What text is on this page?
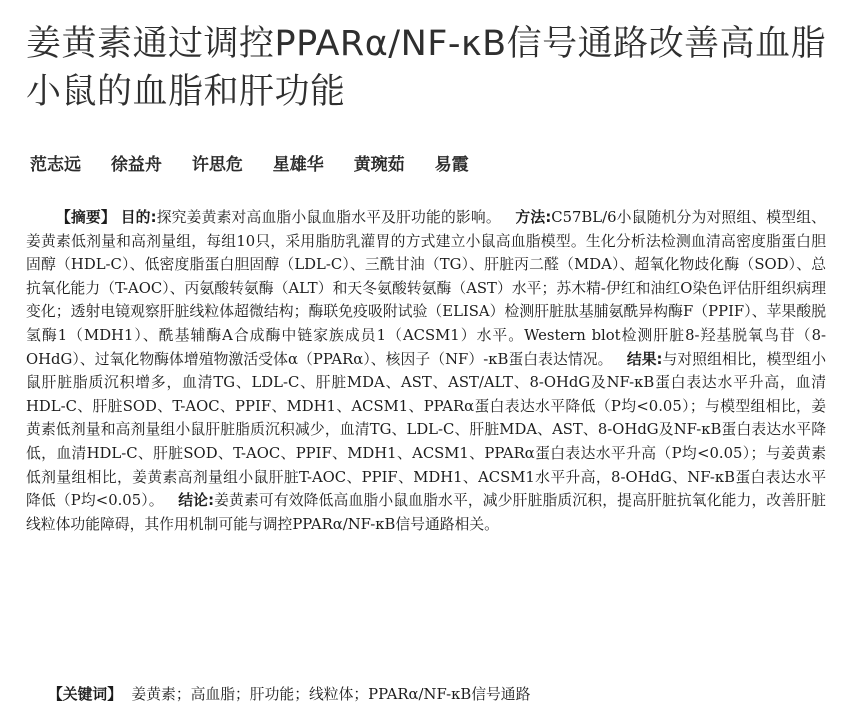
姜黄素通过调控PPARα/NF-κB信号通路改善高血脂小鼠的血脂和肝功能
范志远 徐益舟 许思危 星雄华 黄琬茹 易霞

【摘要】 目的:探究姜黄素对高血脂小鼠血脂水平及肝功能的影响。 方法:C57BL/6小鼠随机分为对照组、模型组、姜黄素低剂量和高剂量组，每组10只，采用脂肪乳灌胃的方式建立小鼠高血脂模型。生化分析法检测血清高密度脂蛋白胆固醇（HDL-C）、低密度脂蛋白胆固醇（LDL-C）、三酰甘油（TG）、肝脏丙二醛（MDA）、超氧化物歧化酶（SOD）、总抗氧化能力（T-AOC）、丙氨酸转氨酶（ALT）和天冬氨酸转氨酶（AST）水平；苏木精-伊红和油红O染色评估肝组织病理变化；透射电镜观察肝脏线粒体超微结构；酶联免疫吸附试验（ELISA）检测肝脏肽基脯氨酰异构酶F（PPIF）、苹果酸脱氢酶1（MDH1）、酰基辅酶A合成酶中链家族成员1（ACSM1）水平。Western blot检测肝脏8-羟基脱氧鸟苷（8-OHdG）、过氧化物酶体增殖物激活受体α（PPARα）、核因子（NF）-κB蛋白表达情况。 结果:与对照组相比，模型组小鼠肝脏脂质沉积增多，血清TG、LDL-C、肝脏MDA、AST、AST/ALT、8-OHdG及NF-κB蛋白表达水平升高，血清HDL-C、肝脏SOD、T-AOC、PPIF、MDH1、ACSM1、PPARα蛋白表达水平降低（P均<0.05）；与模型组相比，姜黄素低剂量和高剂量组小鼠肝脏脂质沉积减少，血清TG、LDL-C、肝脏MDA、AST、8-OHdG及NF-κB蛋白表达水平降低，血清HDL-C、肝脏SOD、T-AOC、PPIF、MDH1、ACSM1、PPARα蛋白表达水平升高（P均<0.05）；与姜黄素低剂量组相比，姜黄素高剂量组小鼠肝脏T-AOC、PPIF、MDH1、ACSM1水平升高，8-OHdG、NF-κB蛋白表达水平降低（P均<0.05）。 结论:姜黄素可有效降低高血脂小鼠血脂水平，减少肝脏脂质沉积，提高肝脏抗氧化能力，改善肝脏线粒体功能障碍，其作用机制可能与调控PPARα/NF-κB信号通路相关。

【关键词】 姜黄素；高血脂；肝功能；线粒体；PPARα/NF-κB信号通路
